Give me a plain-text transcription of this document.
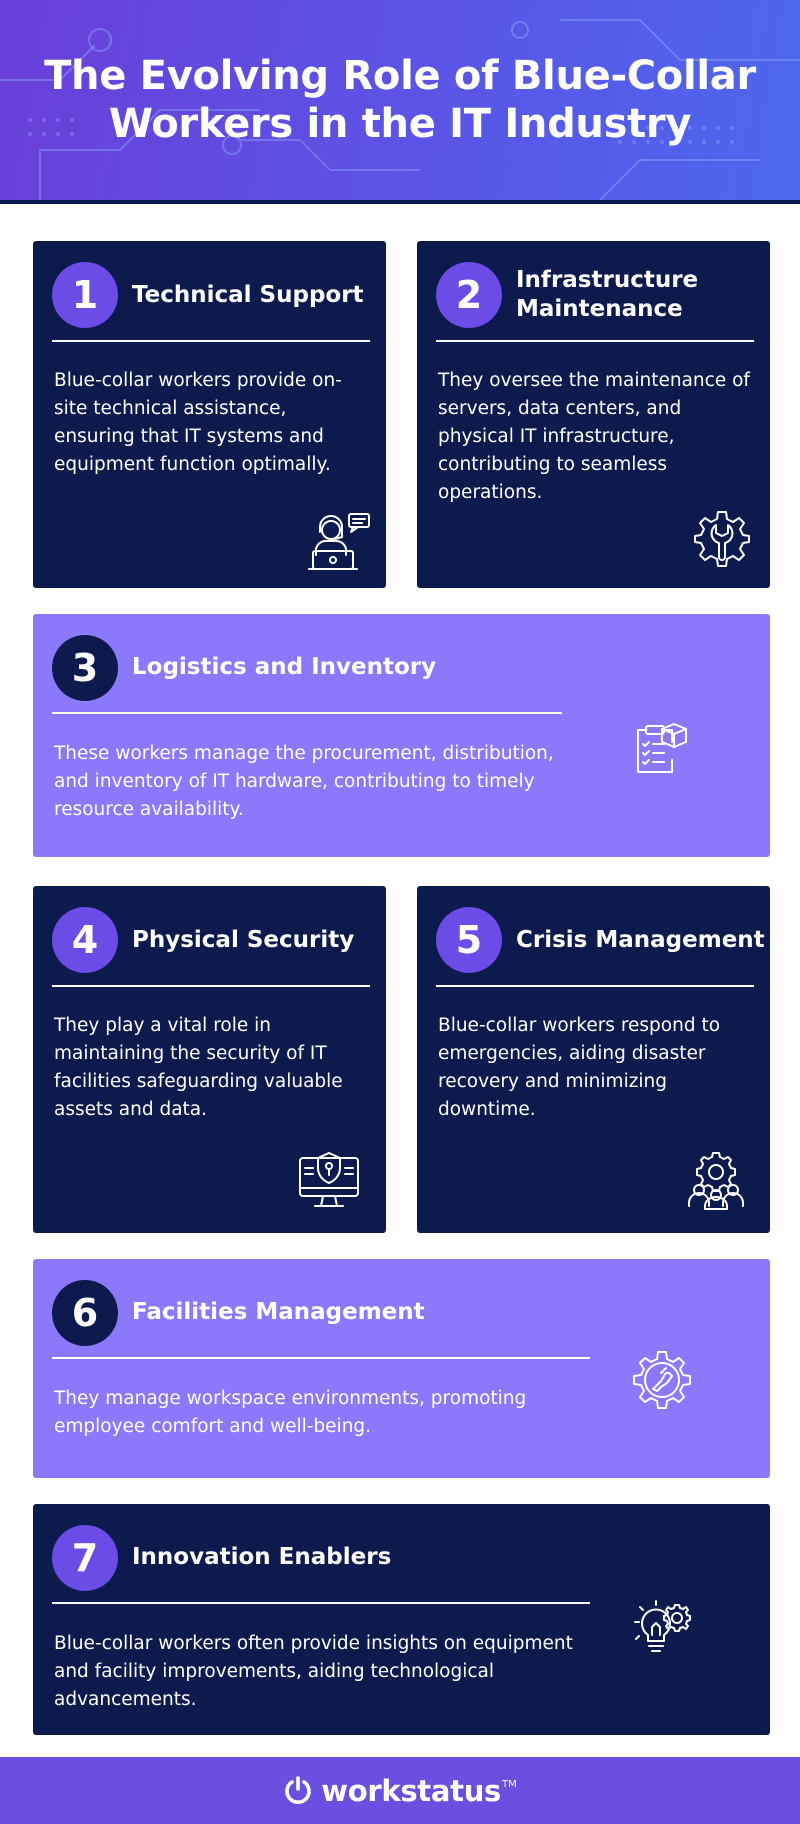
The Evolving Role of Blue-Collar Workers in the IT Industry
1	Technical Support

Blue-collar workers provide on-site technical assistance, ensuring that IT systems and equipment function optimally.

2	Infrastructure Maintenance

They oversee the maintenance of servers, data centers, and physical IT infrastructure, contributing to seamless operations.

3	Logistics and Inventory

These workers manage the procurement, distribution, and inventory of IT hardware, contributing to timely resource availability.

4	Physical Security

They play a vital role in maintaining the security of IT facilities safeguarding valuable assets and data.

5	Crisis Management

Blue-collar workers respond to emergencies, aiding disaster recovery and minimizing downtime.

6	Facilities Management

They manage workspace environments, promoting employee comfort and well-being.

7	Innovation Enablers

Blue-collar workers often provide insights on equipment and facility improvements, aiding technological advancements.

workstatus TM
